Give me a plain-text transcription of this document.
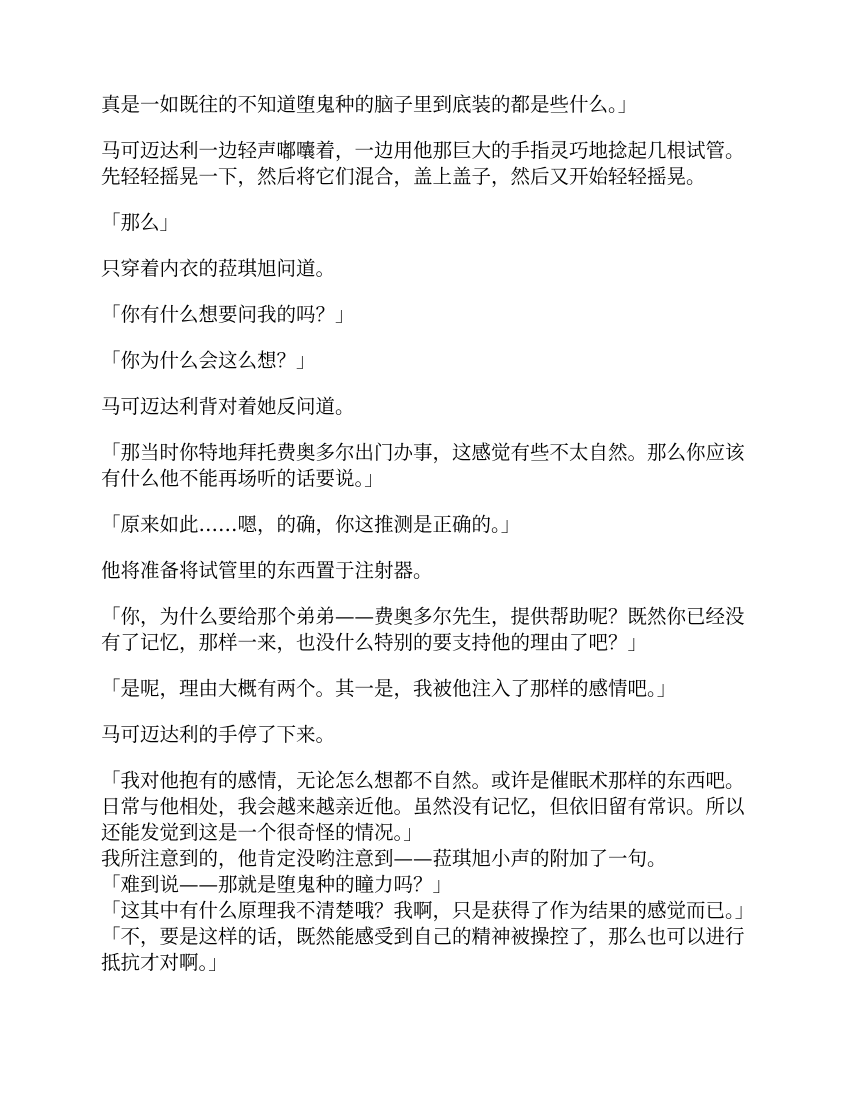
真是一如既往的不知道堕鬼种的脑子里到底装的都是些什么。」

马可迈达利一边轻声嘟囔着，一边用他那巨大的手指灵巧地捻起几根试管。先轻轻摇晃一下，然后将它们混合，盖上盖子，然后又开始轻轻摇晃。

「那么」

只穿着内衣的菈琪旭问道。

「你有什么想要问我的吗？」

「你为什么会这么想？」

马可迈达利背对着她反问道。

「那当时你特地拜托费奥多尔出门办事，这感觉有些不太自然。那么你应该有什么他不能再场听的话要说。」

「原来如此……嗯，的确，你这推测是正确的。」

他将准备将试管里的东西置于注射器。

「你，为什么要给那个弟弟——费奥多尔先生，提供帮助呢？既然你已经没有了记忆，那样一来，也没什么特别的要支持他的理由了吧？」

「是呢，理由大概有两个。其一是，我被他注入了那样的感情吧。」

马可迈达利的手停了下来。

「我对他抱有的感情，无论怎么想都不自然。或许是催眠术那样的东西吧。日常与他相处，我会越来越亲近他。虽然没有记忆，但依旧留有常识。所以还能发觉到这是一个很奇怪的情况。」

我所注意到的，他肯定没哟注意到——菈琪旭小声的附加了一句。

「难到说——那就是堕鬼种的瞳力吗？」

「这其中有什么原理我不清楚哦？我啊，只是获得了作为结果的感觉而已。」

「不，要是这样的话，既然能感受到自己的精神被操控了，那么也可以进行抵抗才对啊。」
